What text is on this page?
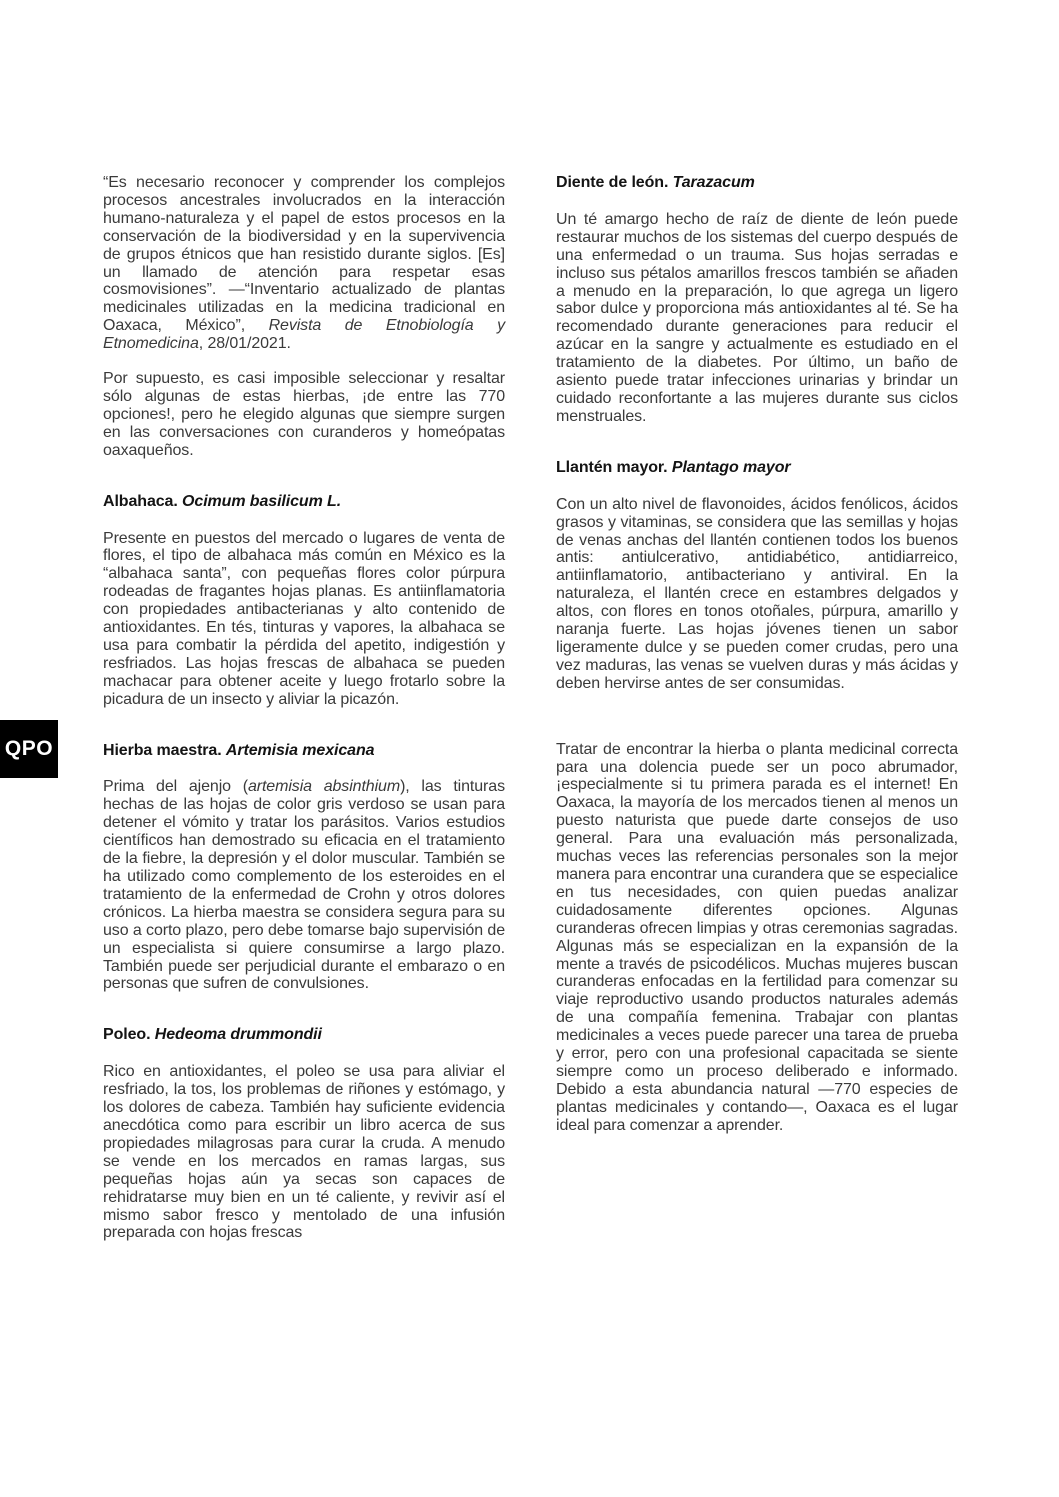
QPO

“Es necesario reconocer y comprender los complejos procesos ancestrales involucrados en la interacción humano-naturaleza y el papel de estos procesos en la conservación de la biodiversidad y en la supervivencia de grupos étnicos que han resistido durante siglos. [Es] un llamado de atención para respetar esas cosmovisiones”. —“Inventario actualizado de plantas medicinales utilizadas en la medicina tradicional en Oaxaca, México”, Revista de Etnobiología y Etnomedicina, 28/01/2021.

Por supuesto, es casi imposible seleccionar y resaltar sólo algunas de estas hierbas, ¡de entre las 770 opciones!, pero he elegido algunas que siempre surgen en las conversaciones con curanderos y homeópatas oaxaqueños.

Albahaca. Ocimum basilicum L.

Presente en puestos del mercado o lugares de venta de flores, el tipo de albahaca más común en México es la “albahaca santa”, con pequeñas flores color púrpura rodeadas de fragantes hojas planas. Es antiinflamatoria con propiedades antibacterianas y alto contenido de antioxidantes. En tés, tinturas y vapores, la albahaca se usa para combatir la pérdida del apetito, indigestión y resfriados. Las hojas frescas de albahaca se pueden machacar para obtener aceite y luego frotarlo sobre la picadura de un insecto y aliviar la picazón.

Hierba maestra. Artemisia mexicana

Prima del ajenjo (artemisia absinthium), las tinturas hechas de las hojas de color gris verdoso se usan para detener el vómito y tratar los parásitos. Varios estudios científicos han demostrado su eficacia en el tratamiento de la fiebre, la depresión y el dolor muscular. También se ha utilizado como complemento de los esteroides en el tratamiento de la enfermedad de Crohn y otros dolores crónicos. La hierba maestra se considera segura para su uso a corto plazo, pero debe tomarse bajo supervisión de un especialista si quiere consumirse a largo plazo. También puede ser perjudicial durante el embarazo o en personas que sufren de convulsiones.

Poleo. Hedeoma drummondii

Rico en antioxidantes, el poleo se usa para aliviar el resfriado, la tos, los problemas de riñones y estómago, y los dolores de cabeza. También hay suficiente evidencia anecdótica como para escribir un libro acerca de sus propiedades milagrosas para curar la cruda. A menudo se vende en los mercados en ramas largas, sus pequeñas hojas aún ya secas son capaces de rehidratarse muy bien en un té caliente, y revivir así el mismo sabor fresco y mentolado de una infusión preparada con hojas frescas

Diente de león. Tarazacum

Un té amargo hecho de raíz de diente de león puede restaurar muchos de los sistemas del cuerpo después de una enfermedad o un trauma. Sus hojas serradas e incluso sus pétalos amarillos frescos también se añaden a menudo en la preparación, lo que agrega un ligero sabor dulce y proporciona más antioxidantes al té. Se ha recomendado durante generaciones para reducir el azúcar en la sangre y actualmente es estudiado en el tratamiento de la diabetes. Por último, un baño de asiento puede tratar infecciones urinarias y brindar un cuidado reconfortante a las mujeres durante sus ciclos menstruales.

Llantén mayor. Plantago mayor

Con un alto nivel de flavonoides, ácidos fenólicos, ácidos grasos y vitaminas, se considera que las semillas y hojas de venas anchas del llantén contienen todos los buenos antis: antiulcerativo, antidiabético, antidiarreico, antiinflamatorio, antibacteriano y antiviral. En la naturaleza, el llantén crece en estambres delgados y altos, con flores en tonos otoñales, púrpura, amarillo y naranja fuerte. Las hojas jóvenes tienen un sabor ligeramente dulce y se pueden comer crudas, pero una vez maduras, las venas se vuelven duras y más ácidas y deben hervirse antes de ser consumidas.

Tratar de encontrar la hierba o planta medicinal correcta para una dolencia puede ser un poco abrumador, ¡especialmente si tu primera parada es el internet! En Oaxaca, la mayoría de los mercados tienen al menos un puesto naturista que puede darte consejos de uso general. Para una evaluación más personalizada, muchas veces las referencias personales son la mejor manera para encontrar una curandera que se especialice en tus necesidades, con quien puedas analizar cuidadosamente diferentes opciones. Algunas curanderas ofrecen limpias y otras ceremonias sagradas. Algunas más se especializan en la expansión de la mente a través de psicodélicos. Muchas mujeres buscan curanderas enfocadas en la fertilidad para comenzar su viaje reproductivo usando productos naturales además de una compañía femenina. Trabajar con plantas medicinales a veces puede parecer una tarea de prueba y error, pero con una profesional capacitada se siente siempre como un proceso deliberado e informado. Debido a esta abundancia natural —770 especies de plantas medicinales y contando—, Oaxaca es el lugar ideal para comenzar a aprender.
